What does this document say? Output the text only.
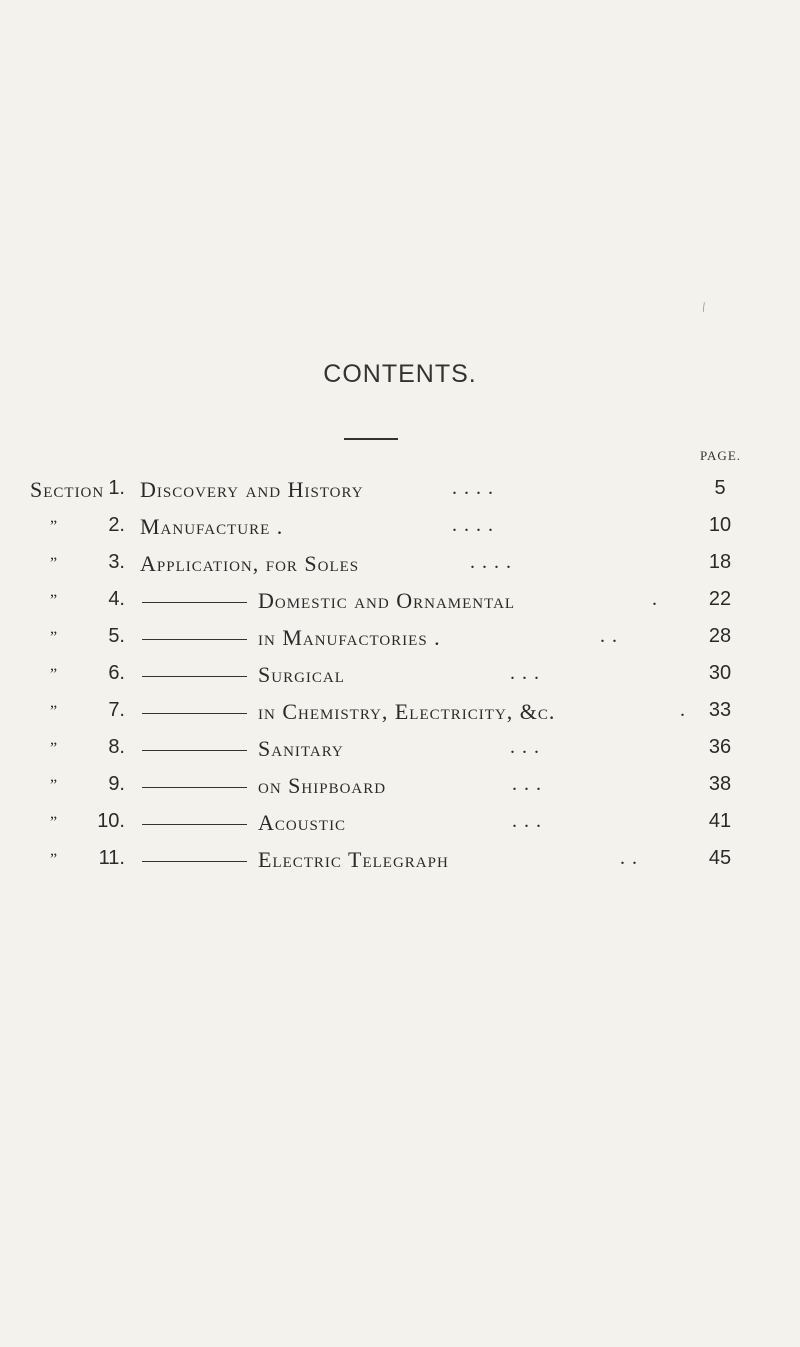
CONTENTS.
PAGE.
⁄
Section 1. Discovery and History	. . . .	5
”	2. Manufacture .	. . . .	10
”	3. Application, for Soles	. . . .	18
”	4.	Domestic and Ornamental	.	22
”	5.	in Manufactories .	. .	28
”	6.	Surgical	. . .	30
”	7.	in Chemistry, Electricity, &c.	.	33
”	8.	Sanitary	. . .	36
”	9.	on Shipboard	. . .	38
”	10.	Acoustic	. . .	41
”	11.	Electric Telegraph	. .	45
